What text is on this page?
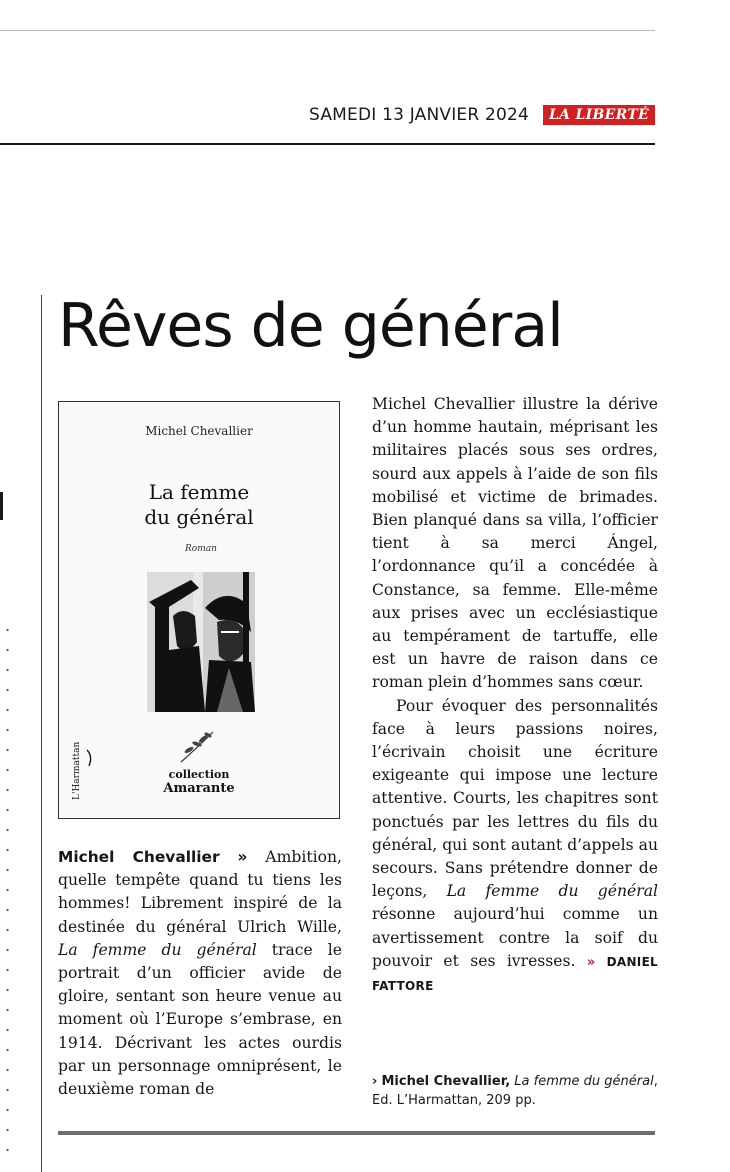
SAMEDI 13 JANVIER 2024	LA LIBERTÉ
Rêves de général
Michel Chevallier
La femme
du général
Roman
collection
Amarante
L'Harmattan

Michel Chevallier » Ambition, quelle tempête quand tu tiens les hommes! Librement inspiré de la destinée du général Ulrich Wille, La femme du général trace le portrait d’un officier avide de gloire, sentant son heure venue au moment où l’Europe s’embrase, en 1914. Décrivant les actes ourdis par un personnage omniprésent, le deuxième roman de

Michel Chevallier illustre la dérive d’un homme hautain, méprisant les militaires placés sous ses ordres, sourd aux appels à l’aide de son fils mobilisé et victime de brimades. Bien planqué dans sa villa, l’officier tient à sa merci Ángel, l’ordonnance qu’il a concédée à Constance, sa femme. Elle-même aux prises avec un ecclésiastique au tempérament de tartuffe, elle est un havre de raison dans ce roman plein d’hommes sans cœur.

Pour évoquer des personnalités face à leurs passions noires, l’écrivain choisit une écriture exigeante qui impose une lecture attentive. Courts, les chapitres sont ponctués par les lettres du fils du général, qui sont autant d’appels au secours. Sans prétendre donner de leçons, La femme du général résonne aujourd’hui comme un avertissement contre la soif du pouvoir et ses ivresses. » DANIEL FATTORE

› Michel Chevallier, La femme du général, Ed. L’Harmattan, 209 pp.
